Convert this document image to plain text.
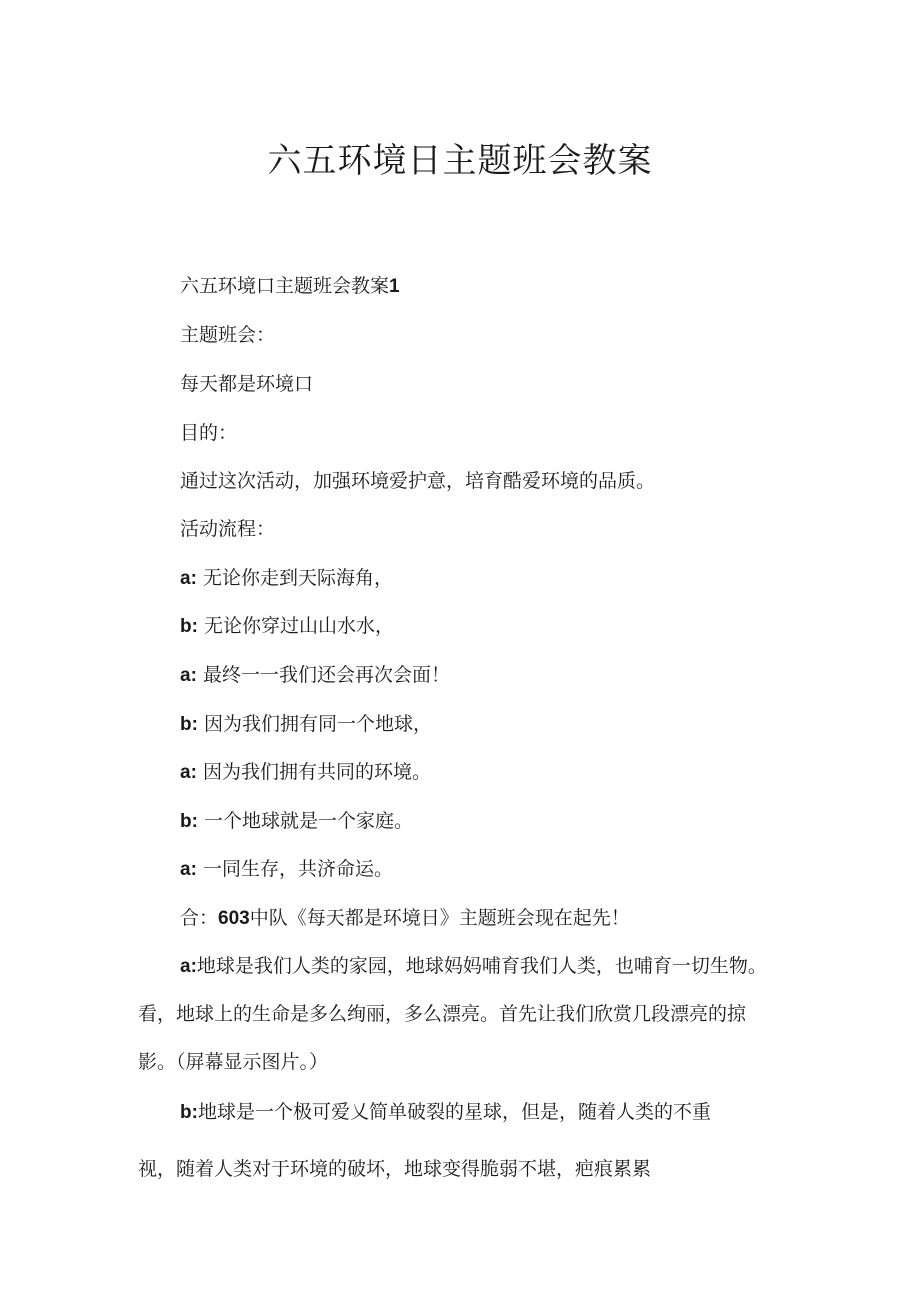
六五环境日主题班会教案

六五环境口主题班会教案1

主题班会：

每天都是环境口

目的：

通过这次活动，加强环境爱护意，培育酷爱环境的品质。

活动流程：

a: 无论你走到天际海角，

b: 无论你穿过山山水水，

a: 最终一一我们还会再次会面！

b: 因为我们拥有同一个地球，

a: 因为我们拥有共同的环境。

b: 一个地球就是一个家庭。

a: 一同生存，共济命运。

合：603中队《每天都是环境日》主题班会现在起先！

a:地球是我们人类的家园，地球妈妈哺育我们人类，也哺育一切生物。

看，地球上的生命是多么绚丽，多么漂亮。首先让我们欣赏几段漂亮的掠

影。（屏幕显示图片。）

b:地球是一个极可爱乂简单破裂的星球，但是，随着人类的不重

视，随着人类对于环境的破坏，地球变得脆弱不堪，疤痕累累
